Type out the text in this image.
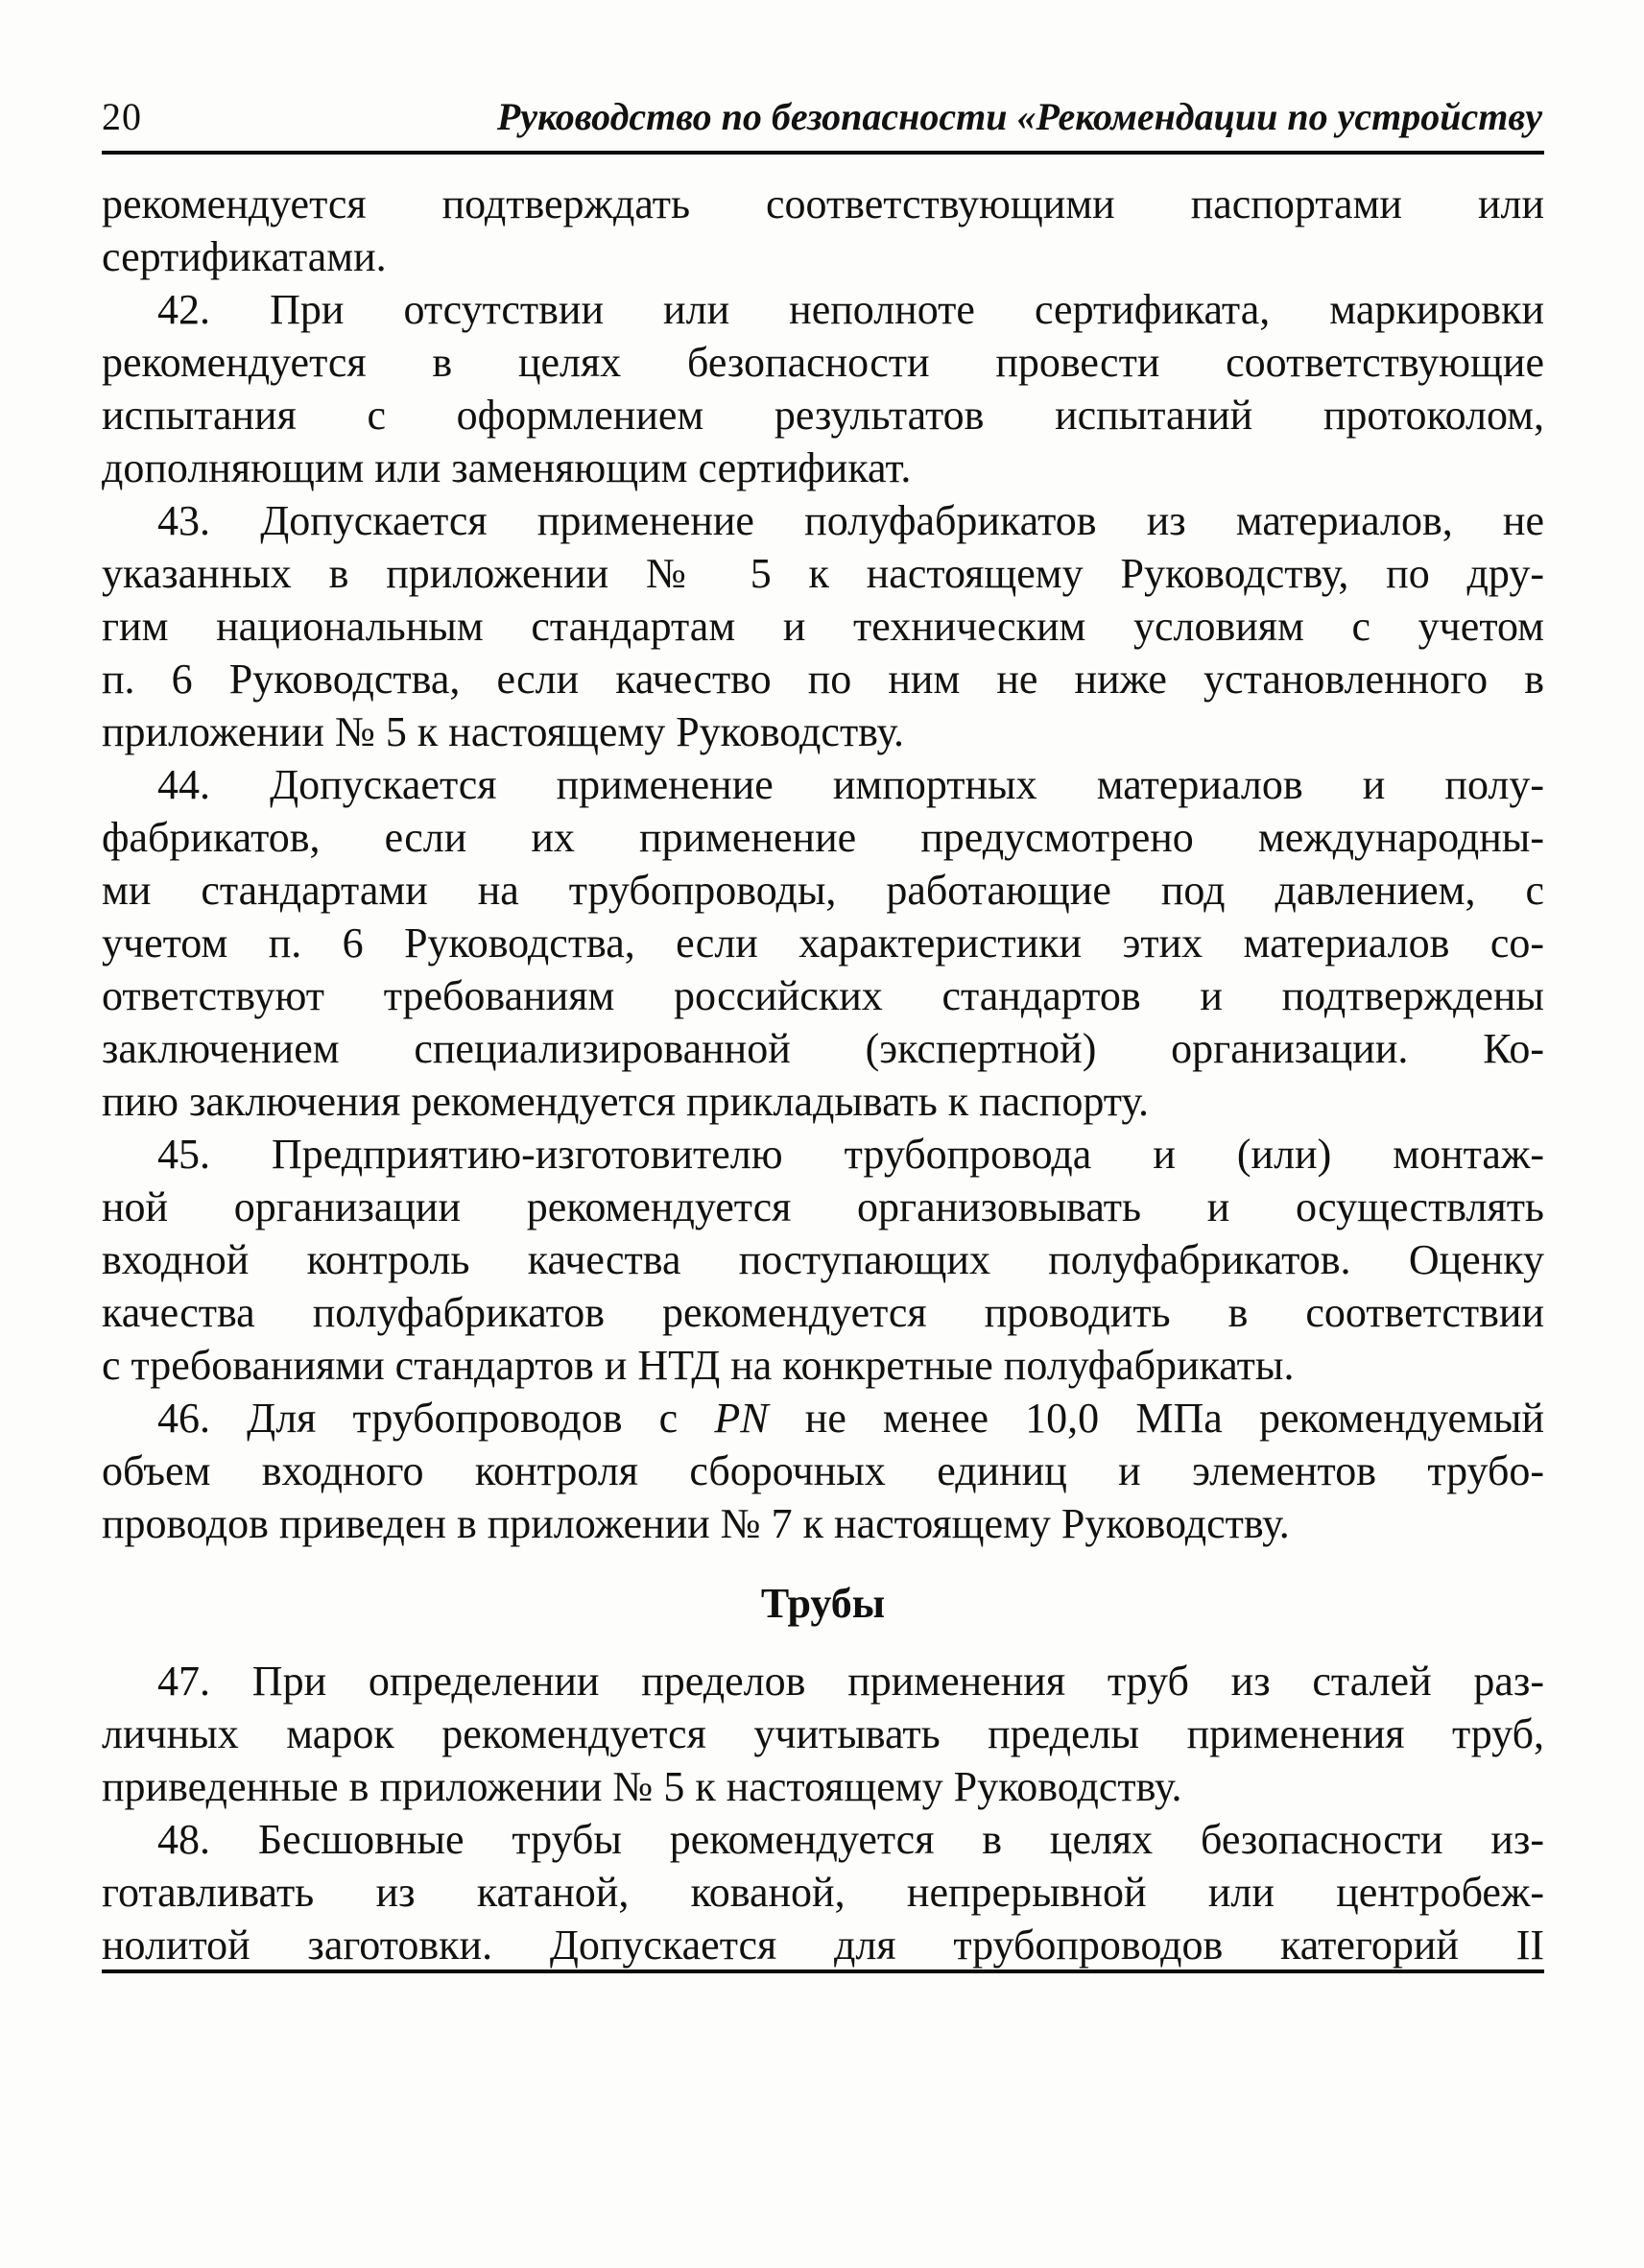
20	Руководство по безопасности «Рекомендации по устройству
рекомендуется подтверждать соответствующими паспортами или
сертификатами.
42. При отсутствии или неполноте сертификата, маркировки
рекомендуется в целях безопасности провести соответствующие
испытания с оформлением результатов испытаний протоколом,
дополняющим или заменяющим сертификат.
43. Допускается применение полуфабрикатов из материалов, не
указанных в приложении № 5 к настоящему Руководству, по дру-
гим национальным стандартам и техническим условиям с учетом
п. 6 Руководства, если качество по ним не ниже установленного в
приложении № 5 к настоящему Руководству.
44. Допускается применение импортных материалов и полу-
фабрикатов, если их применение предусмотрено международны-
ми стандартами на трубопроводы, работающие под давлением, с
учетом п. 6 Руководства, если характеристики этих материалов со-
ответствуют требованиям российских стандартов и подтверждены
заключением специализированной (экспертной) организации. Ко-
пию заключения рекомендуется прикладывать к паспорту.
45. Предприятию-изготовителю трубопровода и (или) монтаж-
ной организации рекомендуется организовывать и осуществлять
входной контроль качества поступающих полуфабрикатов. Оценку
качества полуфабрикатов рекомендуется проводить в соответствии
с требованиями стандартов и НТД на конкретные полуфабрикаты.
46. Для трубопроводов с PN не менее 10,0 МПа рекомендуемый
объем входного контроля сборочных единиц и элементов трубо-
проводов приведен в приложении № 7 к настоящему Руководству.
Трубы
47. При определении пределов применения труб из сталей раз-
личных марок рекомендуется учитывать пределы применения труб,
приведенные в приложении № 5 к настоящему Руководству.
48. Бесшовные трубы рекомендуется в целях безопасности из-
готавливать из катаной, кованой, непрерывной или центробеж-
нолитой заготовки. Допускается для трубопроводов категорий II
